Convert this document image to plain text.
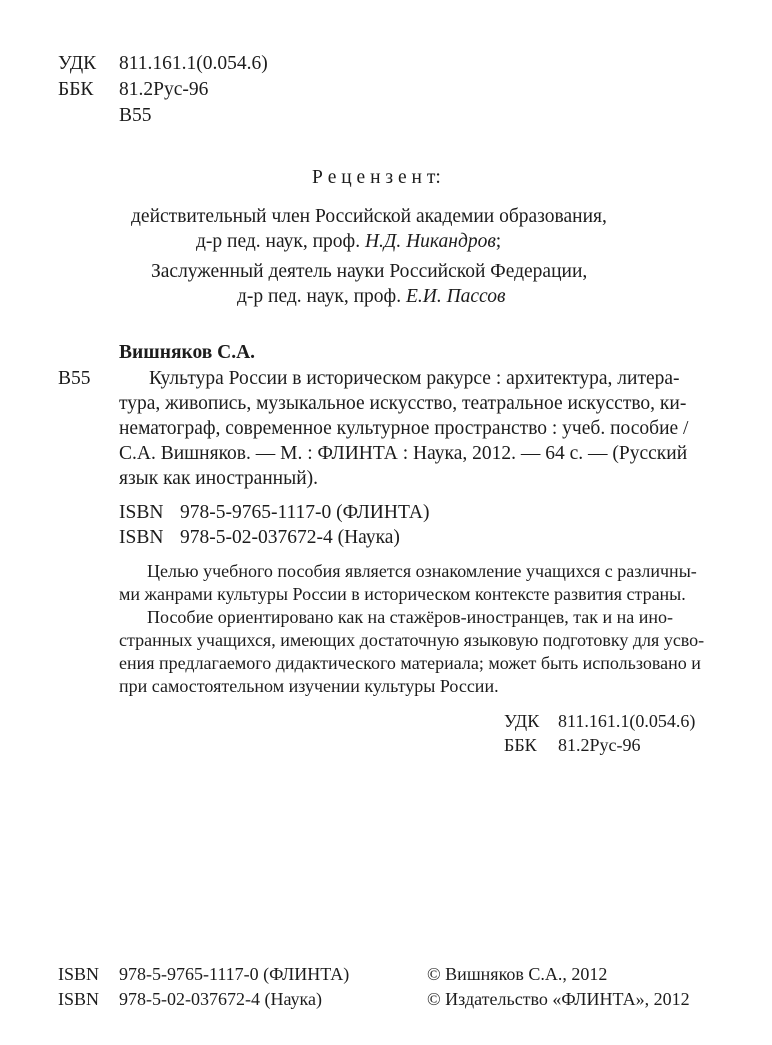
УДК 811.161.1(0.054.6)
ББК 81.2Рус-96
В55
Р е ц е н з е н т:
действительный член Российской академии образования,
д-р пед. наук, проф. Н.Д. Никандров;
Заслуженный деятель науки Российской Федерации,
д-р пед. наук, проф. Е.И. Пассов
Вишняков С.А.
В55	Культура России в историческом ракурсе : архитектура, литера-
тура, живопись, музыкальное искусство, театральное искусство, ки-
нематограф, современное культурное пространство : учеб. пособие /
С.А. Вишняков. — М. : ФЛИНТА : Наука, 2012. — 64 с. — (Русский
язык как иностранный).
ISBN 978-5-9765-1117-0 (ФЛИНТА)
ISBN 978-5-02-037672-4 (Наука)
Целью учебного пособия является ознакомление учащихся с различны-
ми жанрами культуры России в историческом контексте развития страны.
Пособие ориентировано как на стажёров-иностранцев, так и на ино-
странных учащихся, имеющих достаточную языковую подготовку для усво-
ения предлагаемого дидактического материала; может быть использовано и
при самостоятельном изучении культуры России.
УДК 811.161.1(0.054.6)
ББК 81.2Рус-96
ISBN 978-5-9765-1117-0 (ФЛИНТА)
ISBN 978-5-02-037672-4 (Наука)
© Вишняков С.А., 2012
© Издательство «ФЛИНТА», 2012
